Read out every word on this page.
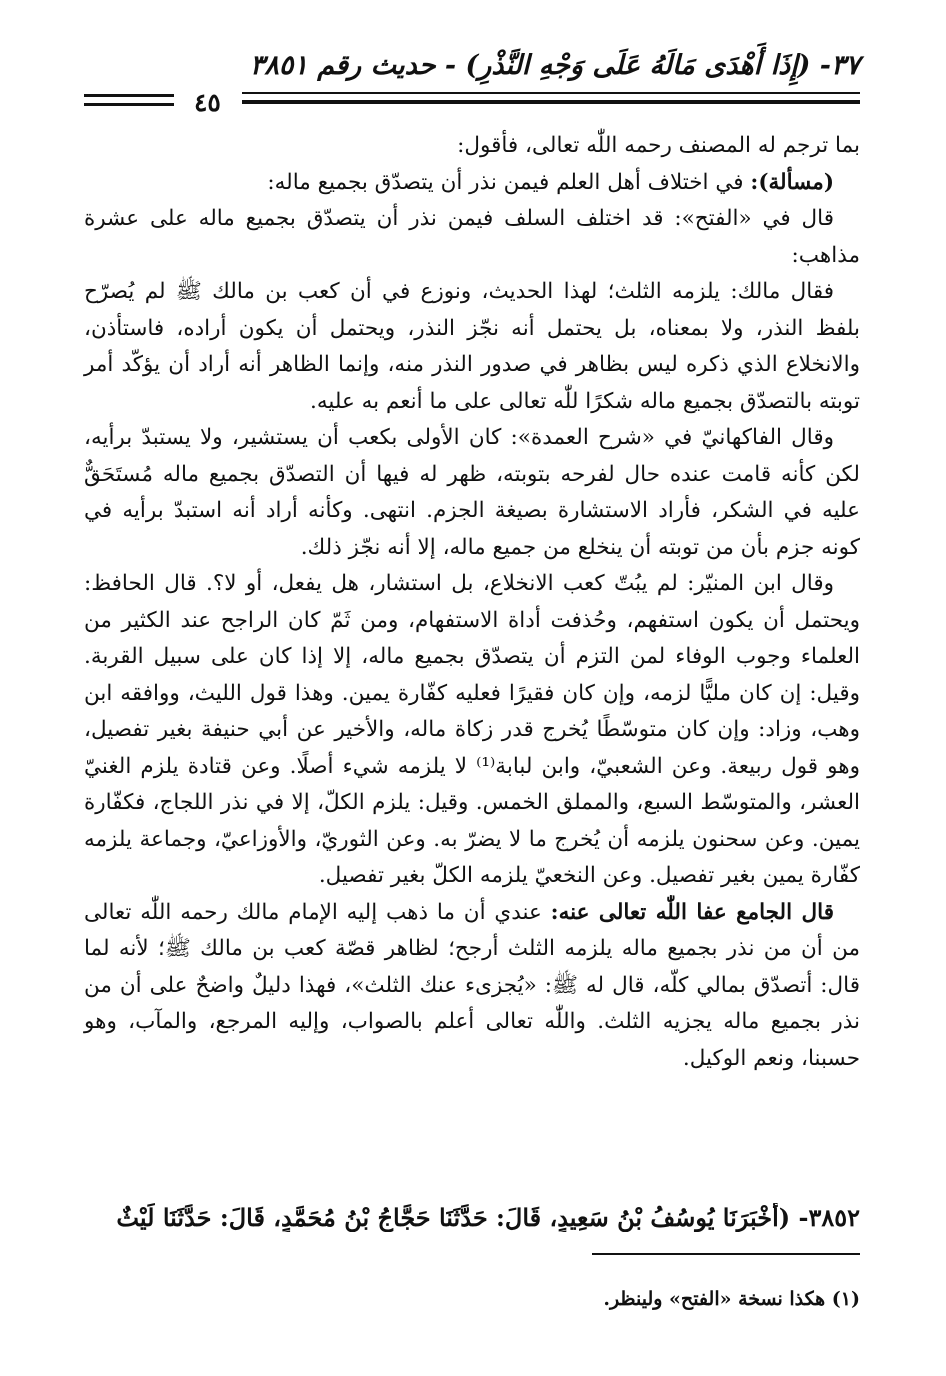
٣٧- (إِذَا أَهْدَى مَالَهُ عَلَى وَجْهِ النَّذْرِ) - حديث رقم ٣٨٥١
٤٥

بما ترجم له المصنف رحمه اللّٰه تعالى، فأقول:

(مسألة): في اختلاف أهل العلم فيمن نذر أن يتصدّق بجميع ماله:

قال في «الفتح»: قد اختلف السلف فيمن نذر أن يتصدّق بجميع ماله على عشرة مذاهب:

فقال مالك: يلزمه الثلث؛ لهذا الحديث، ونوزع في أن كعب بن مالك ﷺ لم يُصرّح بلفظ النذر، ولا بمعناه، بل يحتمل أنه نجّز النذر، ويحتمل أن يكون أراده، فاستأذن، والانخلاع الذي ذكره ليس بظاهر في صدور النذر منه، وإنما الظاهر أنه أراد أن يؤكّد أمر توبته بالتصدّق بجميع ماله شكرًا للّٰه تعالى على ما أنعم به عليه.

وقال الفاكهانيّ في «شرح العمدة»: كان الأولى بكعب أن يستشير، ولا يستبدّ برأيه، لكن كأنه قامت عنده حال لفرحه بتوبته، ظهر له فيها أن التصدّق بجميع ماله مُستَحَقٌّ عليه في الشكر، فأراد الاستشارة بصيغة الجزم. انتهى. وكأنه أراد أنه استبدّ برأيه في كونه جزم بأن من توبته أن ينخلع من جميع ماله، إلا أنه نجّز ذلك.

وقال ابن المنيّر: لم يبُتّ كعب الانخلاع، بل استشار، هل يفعل، أو لا؟. قال الحافظ: ويحتمل أن يكون استفهم، وحُذفت أداة الاستفهام، ومن ثَمّ كان الراجح عند الكثير من العلماء وجوب الوفاء لمن التزم أن يتصدّق بجميع ماله، إلا إذا كان على سبيل القربة. وقيل: إن كان مليًّا لزمه، وإن كان فقيرًا فعليه كفّارة يمين. وهذا قول الليث، ووافقه ابن وهب، وزاد: وإن كان متوسّطًا يُخرج قدر زكاة ماله، والأخير عن أبي حنيفة بغير تفصيل، وهو قول ربيعة. وعن الشعبيّ، وابن لبابة⁽¹⁾ لا يلزمه شيء أصلًا. وعن قتادة يلزم الغنيّ العشر، والمتوسّط السبع، والمملق الخمس. وقيل: يلزم الكلّ، إلا في نذر اللجاج، فكفّارة يمين. وعن سحنون يلزمه أن يُخرج ما لا يضرّ به. وعن الثوريّ، والأوزاعيّ، وجماعة يلزمه كفّارة يمين بغير تفصيل. وعن النخعيّ يلزمه الكلّ بغير تفصيل.

قال الجامع عفا اللّٰه تعالى عنه: عندي أن ما ذهب إليه الإمام مالك رحمه اللّٰه تعالى من أن من نذر بجميع ماله يلزمه الثلث أرجح؛ لظاهر قصّة كعب بن مالك ﷺ؛ لأنه لما قال: أتصدّق بمالي كلّه، قال له ﷺ: «يُجزىء عنك الثلث»، فهذا دليلٌ واضحٌ على أن من نذر بجميع ماله يجزيه الثلث. واللّٰه تعالى أعلم بالصواب، وإليه المرجع، والمآب، وهو حسبنا، ونعم الوكيل.

٣٨٥٢- (أَخْبَرَنَا يُوسُفُ بْنُ سَعِيدٍ، قَالَ: حَدَّثَنَا حَجَّاجُ بْنُ مُحَمَّدٍ، قَالَ: حَدَّثَنَا لَيْثٌ
(١) هكذا نسخة «الفتح» ولينظر.
